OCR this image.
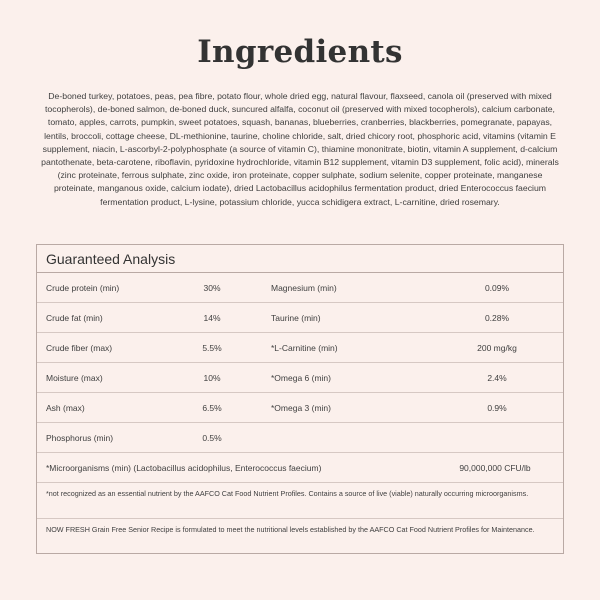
Ingredients

De-boned turkey, potatoes, peas, pea fibre, potato flour, whole dried egg, natural flavour, flaxseed, canola oil (preserved with mixed tocopherols), de-boned salmon, de-boned duck, suncured alfalfa, coconut oil (preserved with mixed tocopherols), calcium carbonate, tomato, apples, carrots, pumpkin, sweet potatoes, squash, bananas, blueberries, cranberries, blackberries, pomegranate, papayas, lentils, broccoli, cottage cheese, DL-methionine, taurine, choline chloride, salt, dried chicory root, phosphoric acid, vitamins (vitamin E supplement, niacin, L-ascorbyl-2-polyphosphate (a source of vitamin C), thiamine mononitrate, biotin, vitamin A supplement, d-calcium pantothenate, beta-carotene, riboflavin, pyridoxine hydrochloride, vitamin B12 supplement, vitamin D3 supplement, folic acid), minerals (zinc proteinate, ferrous sulphate, zinc oxide, iron proteinate, copper sulphate, sodium selenite, copper proteinate, manganese proteinate, manganous oxide, calcium iodate), dried Lactobacillus acidophilus fermentation product, dried Enterococcus faecium fermentation product, L-lysine, potassium chloride, yucca schidigera extract, L-carnitine, dried rosemary.

Guaranteed Analysis
Crude protein (min)	30%	Magnesium (min)	0.09%
Crude fat (min)	14%	Taurine (min)	0.28%
Crude fiber (max)	5.5%	*L-Carnitine (min)	200 mg/kg
Moisture (max)	10%	*Omega 6 (min)	2.4%
Ash (max)	6.5%	*Omega 3 (min)	0.9%
Phosphorus (min)	0.5%
*Microorganisms (min) (Lactobacillus acidophilus, Enterococcus faecium)	90,000,000 CFU/lb
*not recognized as an essential nutrient by the AAFCO Cat Food Nutrient Profiles. Contains a source of live (viable) naturally occurring microorganisms.
NOW FRESH Grain Free Senior Recipe is formulated to meet the nutritional levels established by the AAFCO Cat Food Nutrient Profiles for Maintenance.
